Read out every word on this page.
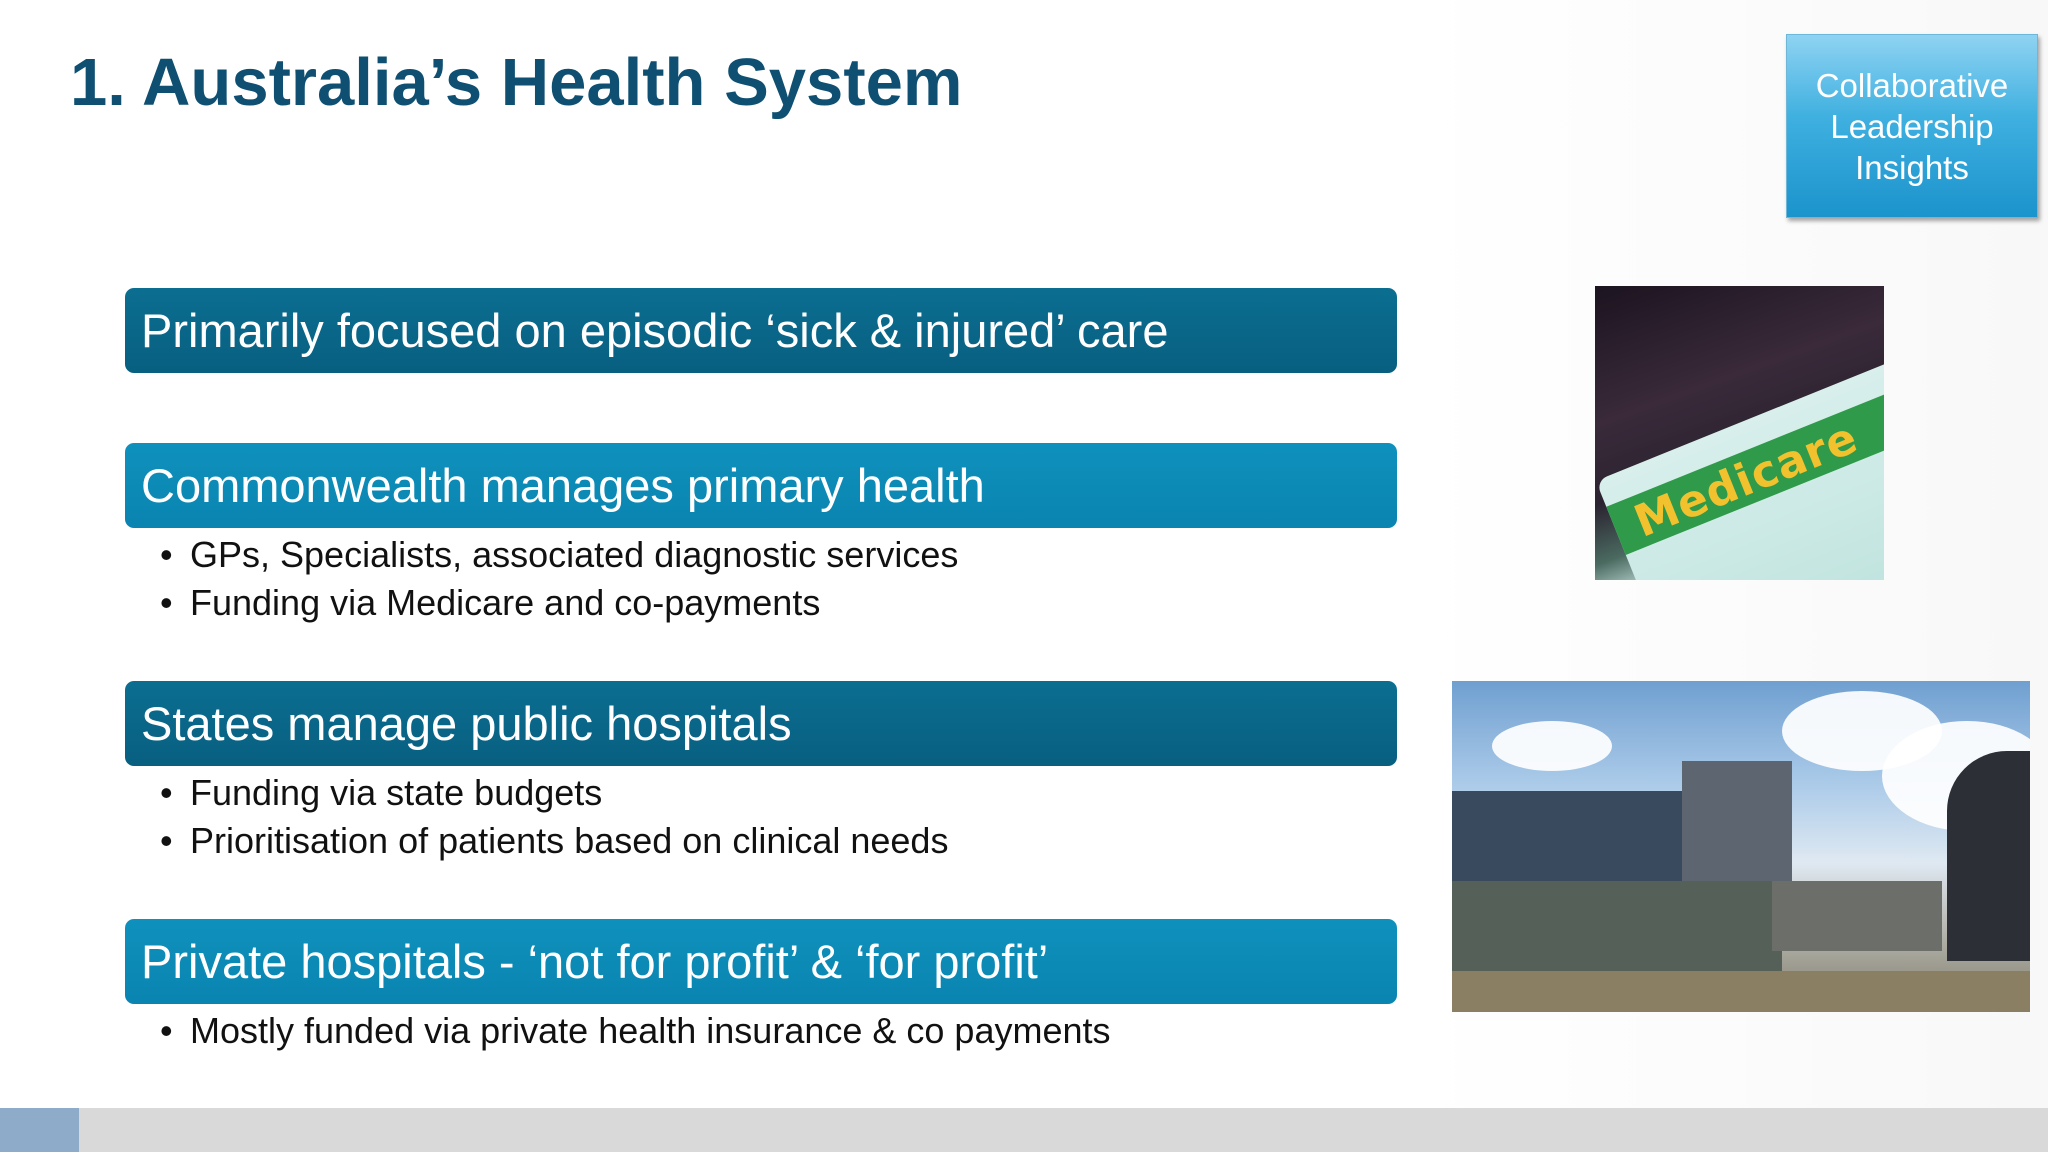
1. Australia’s Health System	Collaborative
Leadership
Insights
Primarily focused on episodic ‘sick & injured’ care
Commonwealth manages primary health
• GPs, Specialists, associated diagnostic services
• Funding via Medicare and co-payments
States manage public hospitals
• Funding via state budgets
• Prioritisation of patients based on clinical needs
Private hospitals - ‘not for profit’ & ‘for profit’
• Mostly funded via private health insurance & co payments
Medicare
